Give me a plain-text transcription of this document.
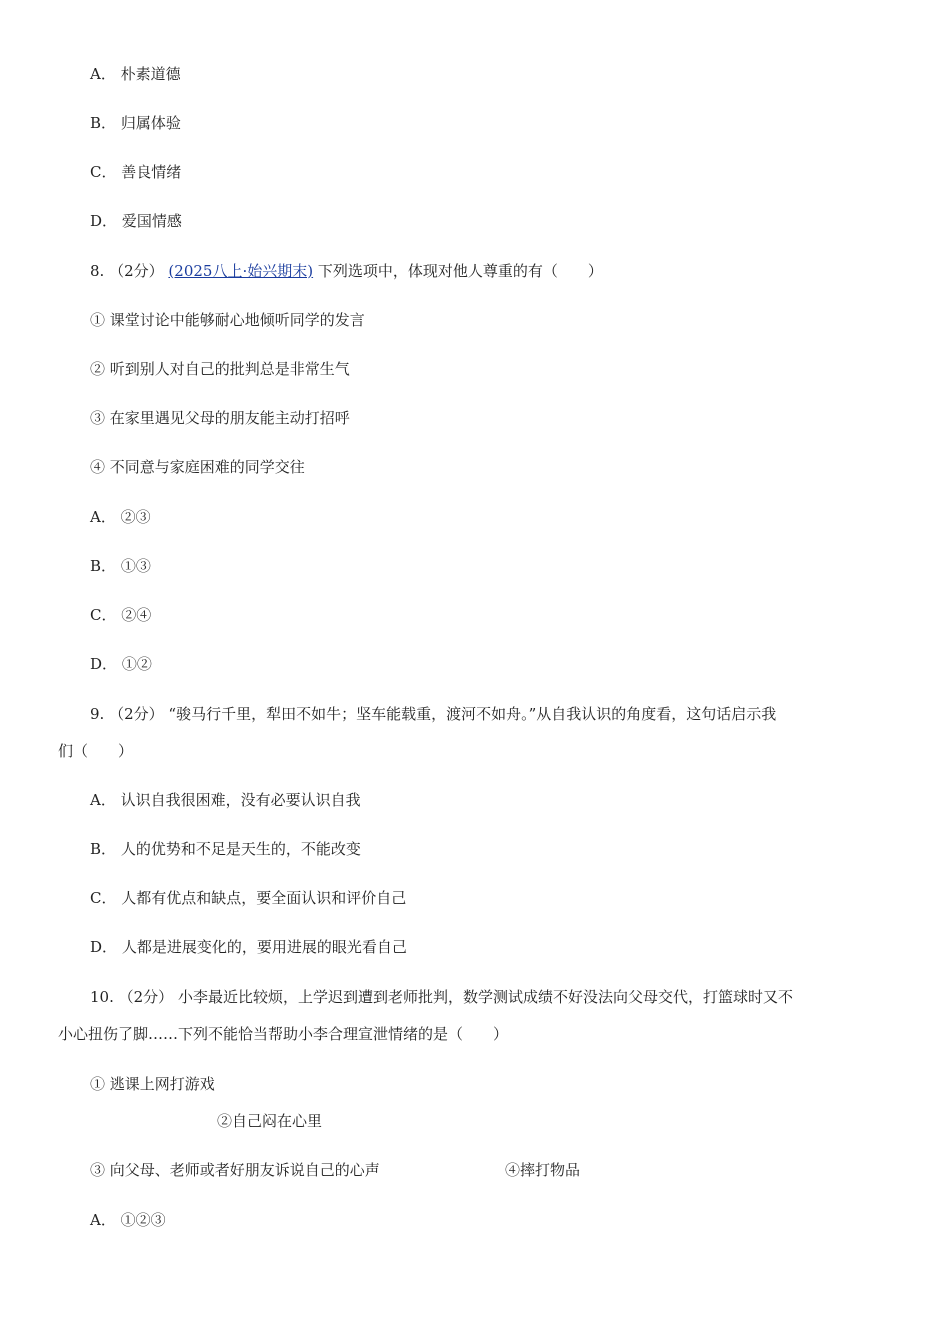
A． 朴素道德
B． 归属体验
C． 善良情绪
D． 爱国情感
8. （2分） (2025八上·始兴期末) 下列选项中，体现对他人尊重的有（　　）
① 课堂讨论中能够耐心地倾听同学的发言
② 听到别人对自己的批判总是非常生气
③ 在家里遇见父母的朋友能主动打招呼
④ 不同意与家庭困难的同学交往
A． ②③
B． ①③
C． ②④
D． ①②
9. （2分） “骏马行千里，犁田不如牛；坚车能载重，渡河不如舟。”从自我认识的角度看，这句话启示我
们（　　）
A． 认识自我很困难，没有必要认识自我
B． 人的优势和不足是天生的，不能改变
C． 人都有优点和缺点，要全面认识和评价自己
D． 人都是进展变化的，要用进展的眼光看自己
10. （2分） 小李最近比较烦，上学迟到遭到老师批判，数学测试成绩不好没法向父母交代，打篮球时又不
小心扭伤了脚……下列不能恰当帮助小李合理宣泄情绪的是（　　）
① 逃课上网打游戏
②自己闷在心里
③ 向父母、老师或者好朋友诉说自己的心声	④摔打物品
A． ①②③
